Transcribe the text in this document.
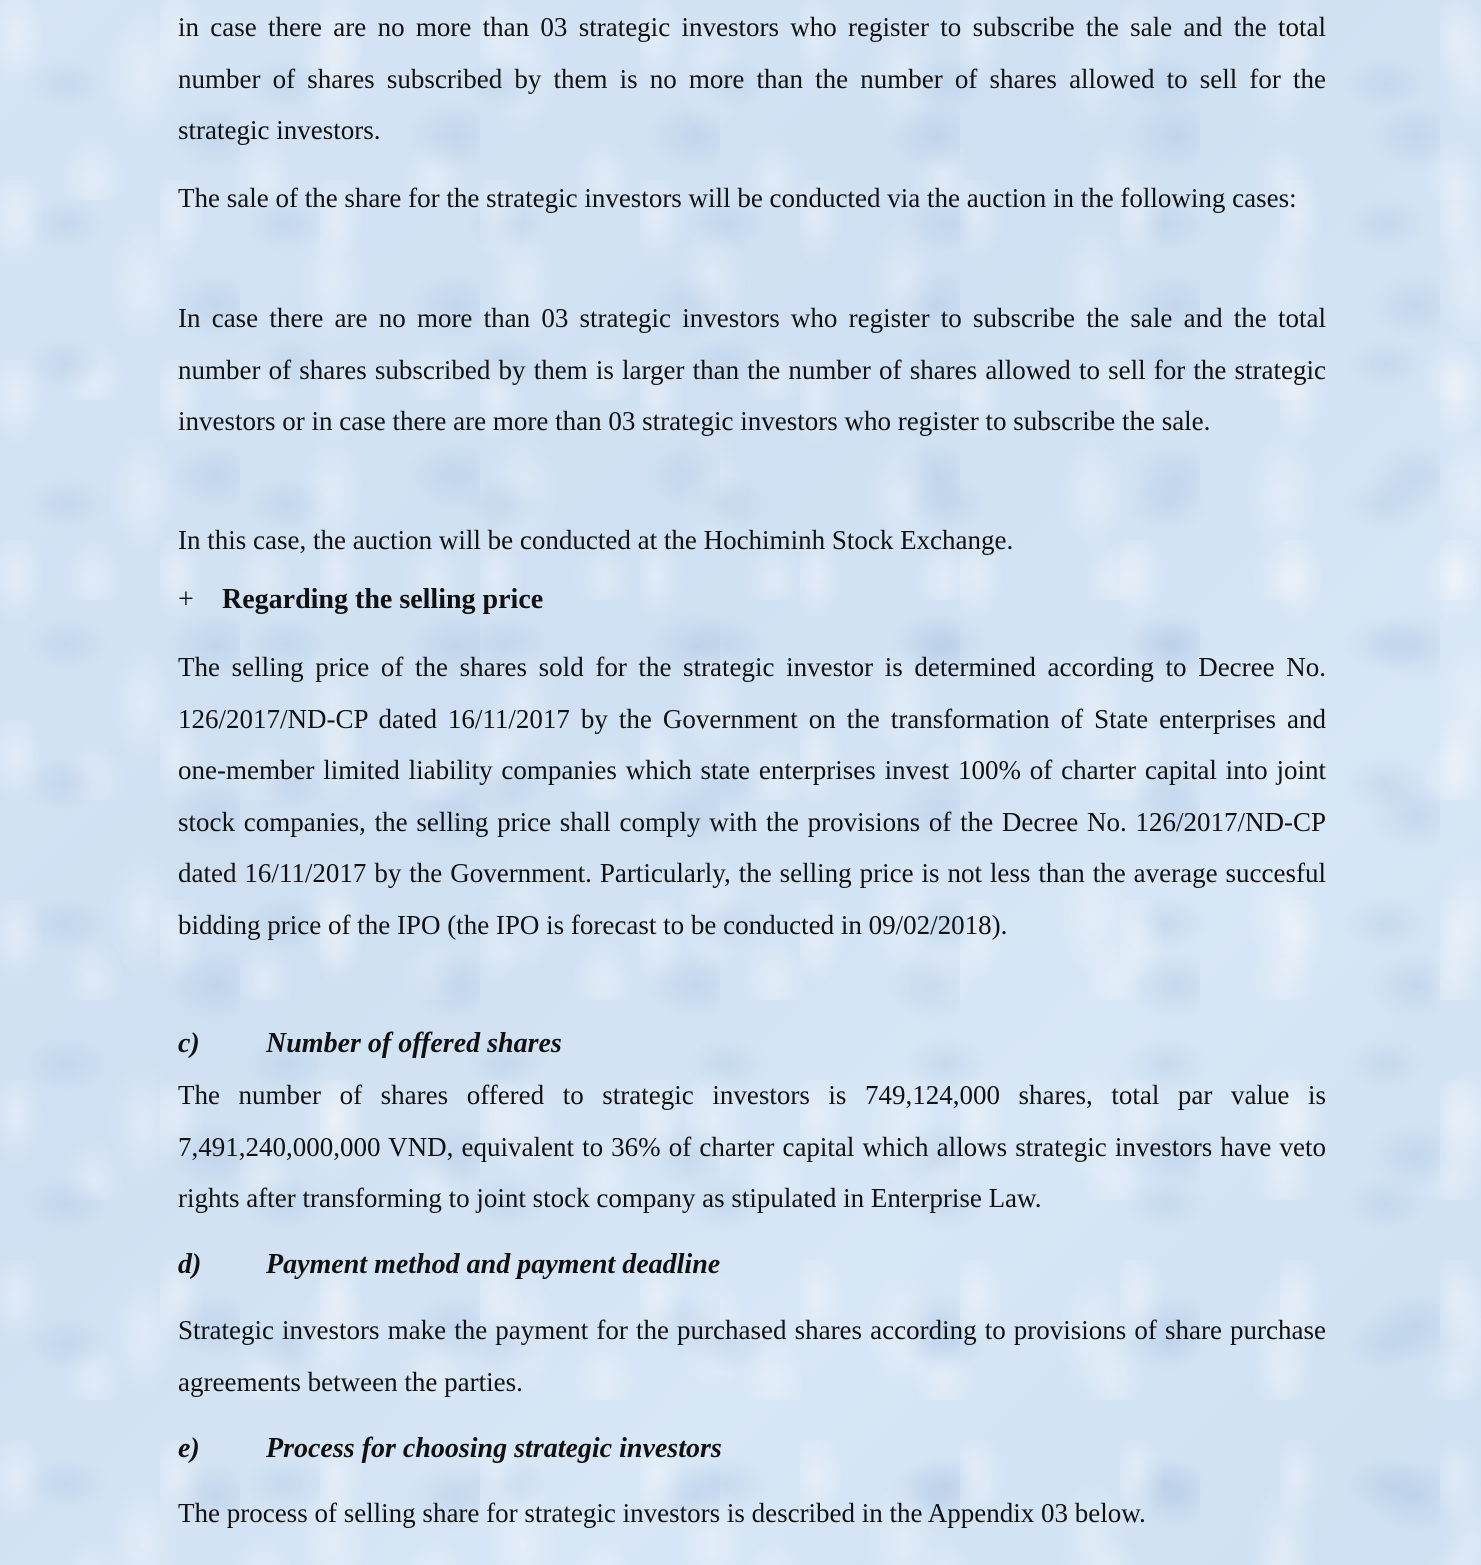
in case there are no more than 03 strategic investors who register to subscribe the sale and the total number of shares subscribed by them is no more than the number of shares allowed to sell for the strategic investors.

The sale of the share for the strategic investors will be conducted via the auction in the following cases:

In case there are no more than 03 strategic investors who register to subscribe the sale and the total number of shares subscribed by them is larger than the number of shares allowed to sell for the strategic investors or in case there are more than 03 strategic investors who register to subscribe the sale.

In this case, the auction will be conducted at the Hochiminh Stock Exchange.

+ Regarding the selling price

The selling price of the shares sold for the strategic investor is determined according to Decree No. 126/2017/ND-CP dated 16/11/2017 by the Government on the transformation of State enterprises and one-member limited liability companies which state enterprises invest 100% of charter capital into joint stock companies, the selling price shall comply with the provisions of the Decree No. 126/2017/ND-CP dated 16/11/2017 by the Government. Particularly, the selling price is not less than the average succesful bidding price of the IPO (the IPO is forecast to be conducted in 09/02/2018).

c) Number of offered shares

The number of shares offered to strategic investors is 749,124,000 shares, total par value is 7,491,240,000,000 VND, equivalent to 36% of charter capital which allows strategic investors have veto rights after transforming to joint stock company as stipulated in Enterprise Law.

d) Payment method and payment deadline

Strategic investors make the payment for the purchased shares according to provisions of share purchase agreements between the parties.

e) Process for choosing strategic investors

The process of selling share for strategic investors is described in the Appendix 03 below.
